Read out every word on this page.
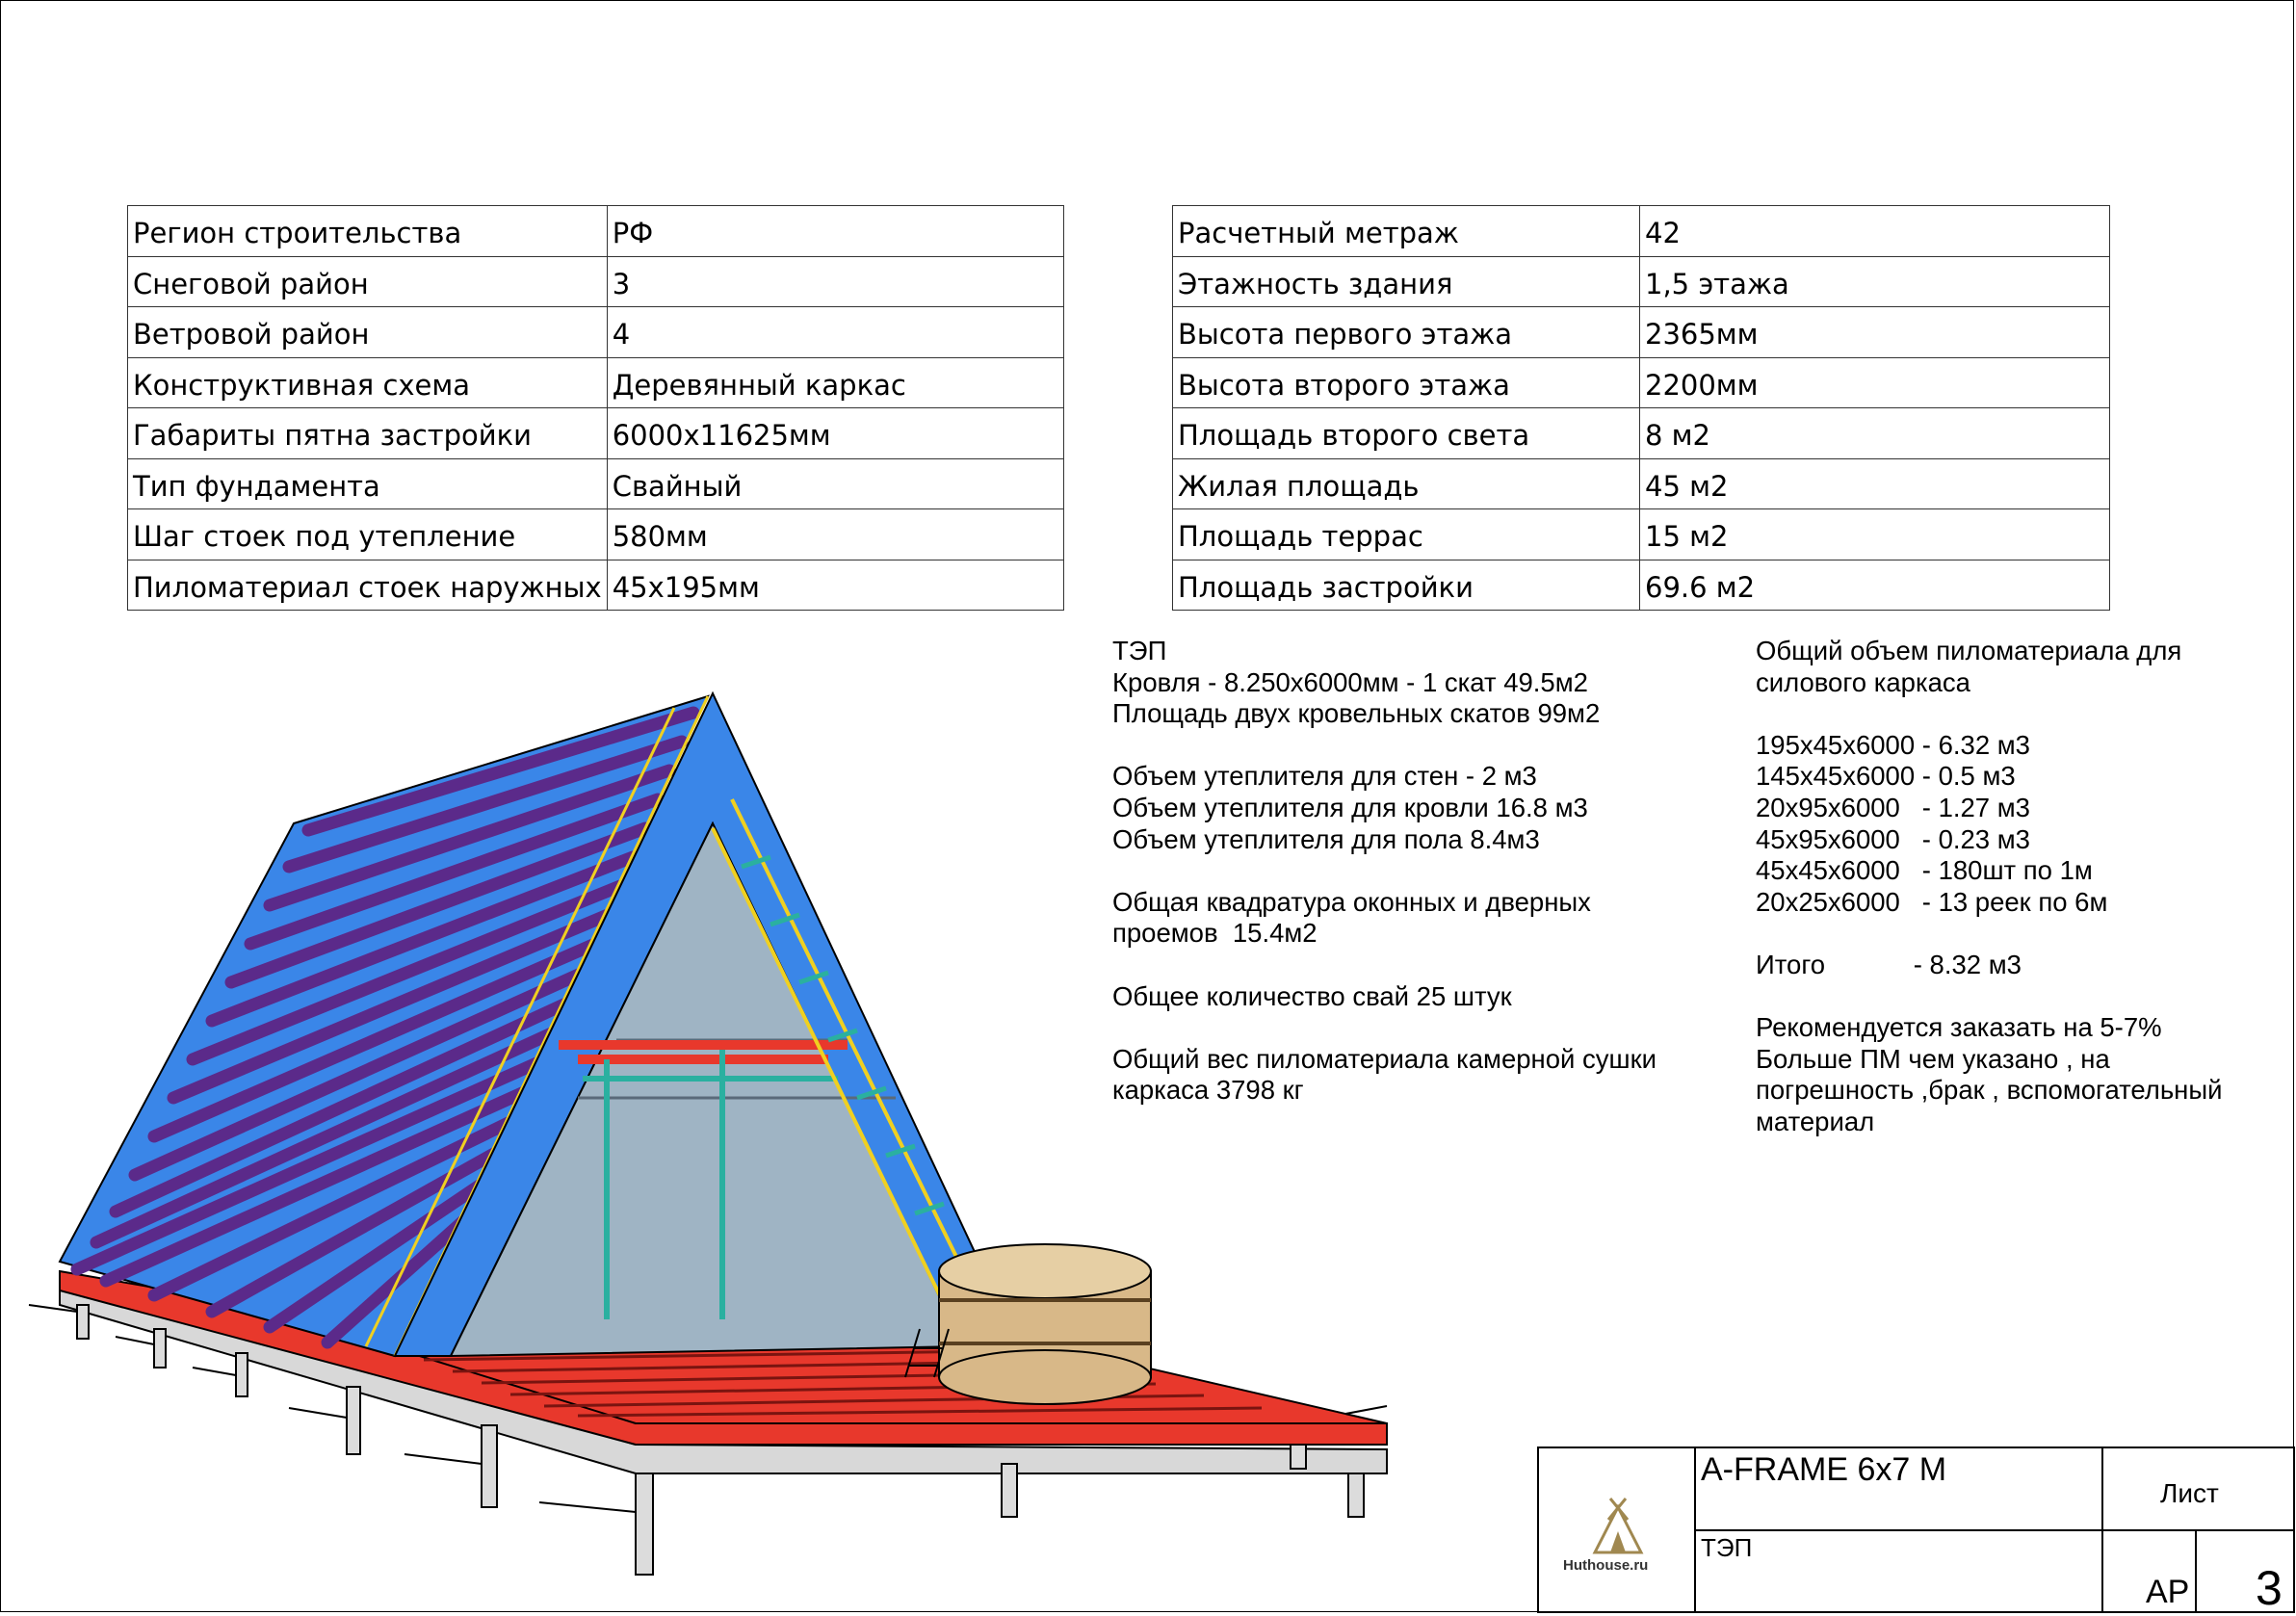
Регион строительства	РФ
Снеговой район	3
Ветровой район	4
Конструктивная схема	Деревянный каркас
Габариты пятна застройки	6000х11625мм
Тип фундамента	Свайный
Шаг стоек под утепление	580мм
Пиломатериал стоек наружных	45х195мм
Расчетный метраж	42
Этажность здания	1,5 этажа
Высота первого этажа	2365мм
Высота второго этажа	2200мм
Площадь второго света	8 м2
Жилая площадь	45 м2
Площадь террас	15 м2
Площадь застройки	69.6 м2
ТЭП
Кровля - 8.250х6000мм - 1 скат 49.5м2
Площадь двух кровельных скатов 99м2

Объем утеплителя для стен - 2 м3
Объем утеплителя для кровли 16.8 м3
Объем утеплителя для пола 8.4м3

Общая квадратура оконных и дверных
проемов  15.4м2

Общее количество свай 25 штук

Общий вес пиломатериала камерной сушки
каркаса 3798 кг
Общий объем пиломатериала для
силового каркаса

195х45х6000 - 6.32 м3
145х45х6000 - 0.5 м3
20х95х6000   - 1.27 м3
45х95х6000   - 0.23 м3
45х45х6000   - 180шт по 1м
20х25х6000   - 13 реек по 6м

Итого            - 8.32 м3

Рекомендуется заказать на 5-7%
Больше ПМ чем указано , на
погрешность ,брак , вспомогательный
материал
Huthouse.ru
A-FRAME 6x7 M
ТЭП
Лист
АР 3
